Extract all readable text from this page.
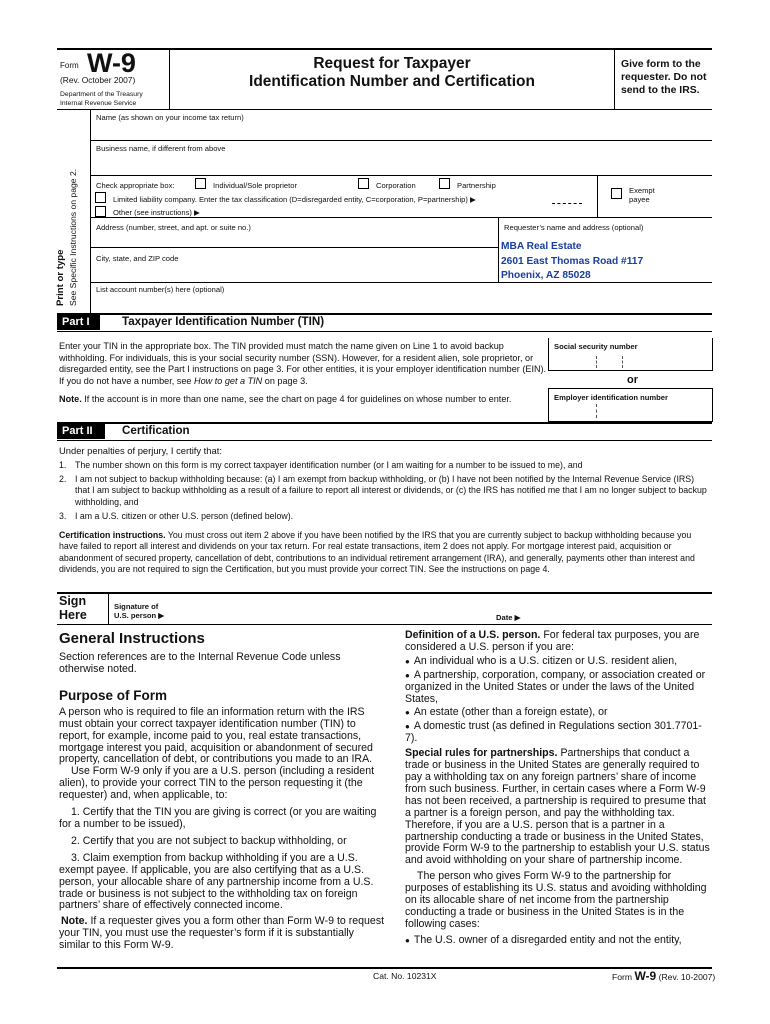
Form W-9
(Rev. October 2007)
Department of the Treasury
Internal Revenue Service
Request for Taxpayer
Identification Number and Certification
Give form to the requester. Do not send to the IRS.
Print or type See Specific Instructions on page 2.
Name (as shown on your income tax return)
Business name, if different from above
Check appropriate box:	Individual/Sole proprietor	Corporation	Partnership
Limited liability company. Enter the tax classification (D=disregarded entity, C=corporation, P=partnership) ▶
Other (see instructions) ▶
Exempt payee
Address (number, street, and apt. or suite no.)
City, state, and ZIP code
Requester’s name and address (optional)
MBA Real Estate
2601 East Thomas Road #117
Phoenix, AZ 85028
List account number(s) here (optional)
Part I	Taxpayer Identification Number (TIN)
Enter your TIN in the appropriate box. The TIN provided must match the name given on Line 1 to avoid backup withholding. For individuals, this is your social security number (SSN). However, for a resident alien, sole proprietor, or disregarded entity, see the Part I instructions on page 3. For other entities, it is your employer identification number (EIN). If you do not have a number, see How to get a TIN on page 3.
Note. If the account is in more than one name, see the chart on page 4 for guidelines on whose number to enter.
Social security number
or
Employer identification number
Part II	Certification
Under penalties of perjury, I certify that:
1. The number shown on this form is my correct taxpayer identification number (or I am waiting for a number to be issued to me), and
2. I am not subject to backup withholding because: (a) I am exempt from backup withholding, or (b) I have not been notified by the Internal Revenue Service (IRS) that I am subject to backup withholding as a result of a failure to report all interest or dividends, or (c) the IRS has notified me that I am no longer subject to backup withholding, and
3. I am a U.S. citizen or other U.S. person (defined below).
Certification instructions. You must cross out item 2 above if you have been notified by the IRS that you are currently subject to backup withholding because you have failed to report all interest and dividends on your tax return. For real estate transactions, item 2 does not apply. For mortgage interest paid, acquisition or abandonment of secured property, cancellation of debt, contributions to an individual retirement arrangement (IRA), and generally, payments other than interest and dividends, you are not required to sign the Certification, but you must provide your correct TIN. See the instructions on page 4.
Sign
Here
Signature of
U.S. person ▶	Date ▶
General Instructions

Section references are to the Internal Revenue Code unless otherwise noted.

Purpose of Form

A person who is required to file an information return with the IRS must obtain your correct taxpayer identification number (TIN) to report, for example, income paid to you, real estate transactions, mortgage interest you paid, acquisition or abandonment of secured property, cancellation of debt, or contributions you made to an IRA.

Use Form W-9 only if you are a U.S. person (including a resident alien), to provide your correct TIN to the person requesting it (the requester) and, when applicable, to:

1. Certify that the TIN you are giving is correct (or you are waiting for a number to be issued),

2. Certify that you are not subject to backup withholding, or

3. Claim exemption from backup withholding if you are a U.S. exempt payee. If applicable, you are also certifying that as a U.S. person, your allocable share of any partnership income from a U.S. trade or business is not subject to the withholding tax on foreign partners’ share of effectively connected income.

Note. If a requester gives you a form other than Form W-9 to request your TIN, you must use the requester’s form if it is substantially similar to this Form W-9.

Definition of a U.S. person. For federal tax purposes, you are considered a U.S. person if you are:

● An individual who is a U.S. citizen or U.S. resident alien,

● A partnership, corporation, company, or association created or organized in the United States or under the laws of the United States,

● An estate (other than a foreign estate), or

● A domestic trust (as defined in Regulations section 301.7701-7).

Special rules for partnerships. Partnerships that conduct a trade or business in the United States are generally required to pay a withholding tax on any foreign partners’ share of income from such business. Further, in certain cases where a Form W-9 has not been received, a partnership is required to presume that a partner is a foreign person, and pay the withholding tax. Therefore, if you are a U.S. person that is a partner in a partnership conducting a trade or business in the United States, provide Form W-9 to the partnership to establish your U.S. status and avoid withholding on your share of partnership income.

The person who gives Form W-9 to the partnership for purposes of establishing its U.S. status and avoiding withholding on its allocable share of net income from the partnership conducting a trade or business in the United States is in the following cases:

● The U.S. owner of a disregarded entity and not the entity,

Cat. No. 10231X	Form W-9 (Rev. 10-2007)
